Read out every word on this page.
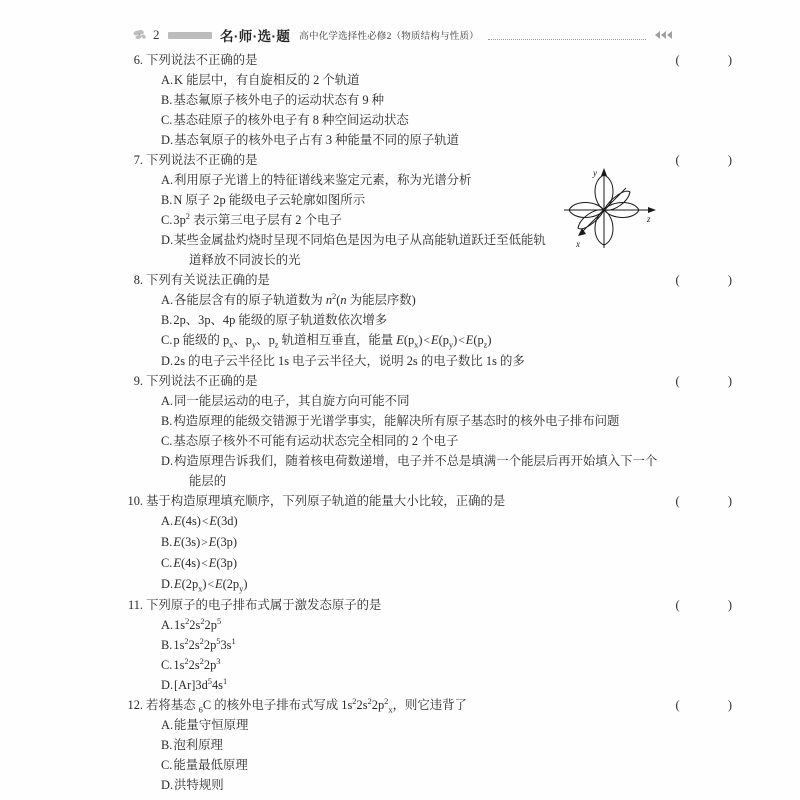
2	名·师·选·题 高中化学选择性必修2（物质结构与性质）
6. 下列说法不正确的是	(  )
A.K 能层中，有自旋相反的 2 个轨道
B.基态氟原子核外电子的运动状态有 9 种
C.基态硅原子的核外电子有 8 种空间运动状态
D.基态氧原子的核外电子占有 3 种能量不同的原子轨道
7. 下列说法不正确的是	(  )
A.利用原子光谱上的特征谱线来鉴定元素，称为光谱分析
B.N 原子 2p 能级电子云轮廓如图所示
$C.3p^2$ 表示第三电子层有 2 个电子
D.某些金属盐灼烧时呈现不同焰色是因为电子从高能轨道跃迁至低能轨
道释放不同波长的光
8. 下列有关说法正确的是	(  )
A.各能层含有的原子轨道数为 $n^2(n$ 为能层序数)
B.2p、3p、4p 能级的原子轨道数依次增多
C.p 能级的 $p_x$、$p_y$、$p_z$ 轨道相互垂直，能量 $E(p_x)<E(p_y)<E(p_z)$
D.2s 的电子云半径比 1s 电子云半径大，说明 2s 的电子数比 1s 的多
9. 下列说法不正确的是	(  )
A.同一能层运动的电子，其自旋方向可能不同
B.构造原理的能级交错源于光谱学事实，能解决所有原子基态时的核外电子排布问题
C.基态原子核外不可能有运动状态完全相同的 2 个电子
D.构造原理告诉我们，随着核电荷数递增，电子并不总是填满一个能层后再开始填入下一个
能层的
10. 基于构造原理填充顺序，下列原子轨道的能量大小比较，正确的是	(  )
A.E(4s)<E(3d)
B.E(3s)>E(3p)
C.E(4s)<E(3p)
$D.E(2p_x)<E(2p_y)$
11. 下列原子的电子排布式属于激发态原子的是	(  )
$A.1s^22s^22p^5$
$B.1s^22s^22p^53s^1$
$C.1s^22s^22p^3$
$D.[Ar]3d^54s^1$
12. 若将基态 $_6$C 的核外电子排布式写成 $1s^22s^22p^2_x$，则它违背了	(  )
A.能量守恒原理
B.泡利原理
C.能量最低原理
D.洪特规则
y
z
x
